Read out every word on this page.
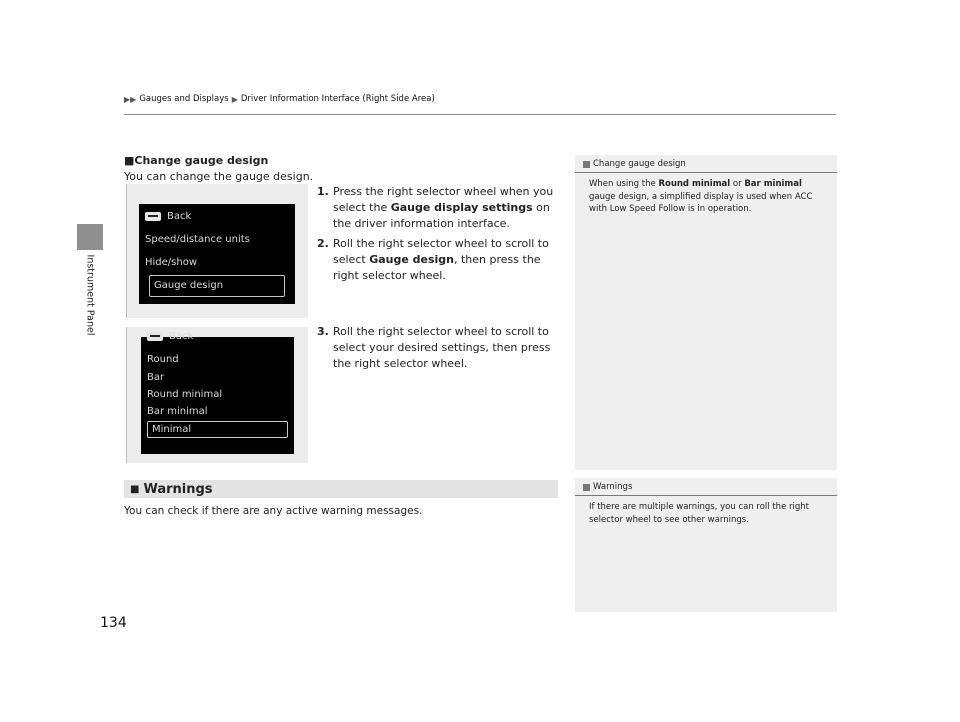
▶▶ Gauges and Displays ▶ Driver Information Interface (Right Side Area)
Instrument Panel
■Change gauge design
You can change the gauge design.
1. Press the right selector wheel when you select the Gauge display settings on the driver information interface.
2. Roll the right selector wheel to scroll to select Gauge design, then press the right selector wheel.
3. Roll the right selector wheel to scroll to select your desired settings, then press the right selector wheel.
Back
Speed/distance units
Hide/show
Gauge design
Back
Round
Bar
Round minimal
Bar minimal
Minimal
■ Warnings
You can check if there are any active warning messages.
Change gauge design
When using the Round minimal or Bar minimal gauge design, a simplified display is used when ACC with Low Speed Follow is in operation.
Warnings
If there are multiple warnings, you can roll the right selector wheel to see other warnings.
134
